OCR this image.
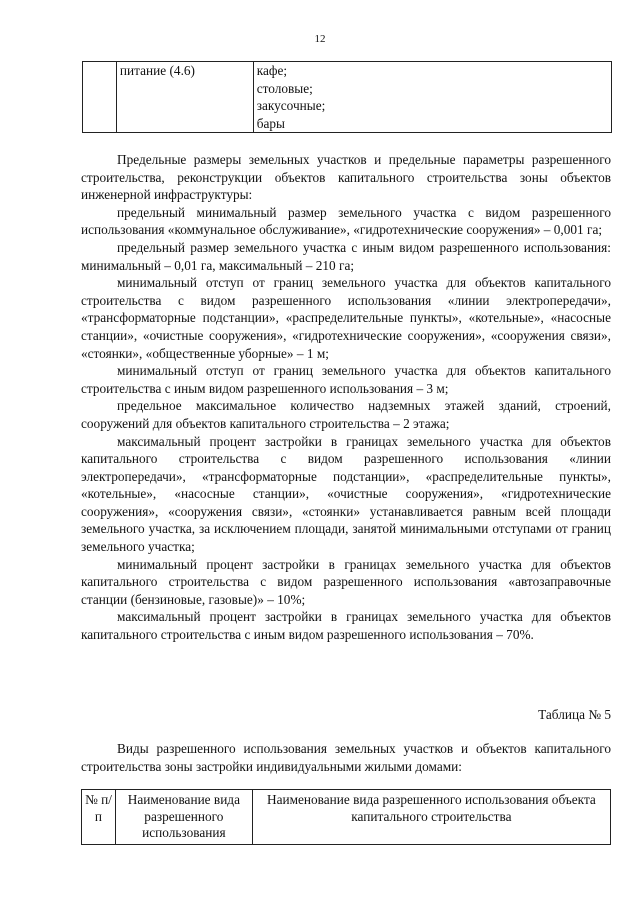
12
	питание (4.6)	кафе;
столовые;
закусочные;
бары

Предельные размеры земельных участков и предельные параметры разрешенного строительства, реконструкции объектов капитального строительства зоны объектов инженерной инфраструктуры:

предельный минимальный размер земельного участка с видом разрешенного использования «коммунальное обслуживание», «гидротехнические сооружения» – 0,001 га;

предельный размер земельного участка с иным видом разрешенного использования: минимальный – 0,01 га, максимальный – 210 га;

минимальный отступ от границ земельного участка для объектов капитального строительства с видом разрешенного использования «линии электропередачи», «трансформаторные подстанции», «распределительные пункты», «котельные», «насосные станции», «очистные сооружения», «гидротехнические сооружения», «сооружения связи», «стоянки», «общественные уборные» – 1 м;

минимальный отступ от границ земельного участка для объектов капитального строительства с иным видом разрешенного использования – 3 м;

предельное максимальное количество надземных этажей зданий, строений, сооружений для объектов капитального строительства – 2 этажа;

максимальный процент застройки в границах земельного участка для объектов капитального строительства с видом разрешенного использования «линии электропередачи», «трансформаторные подстанции», «распределительные пункты», «котельные», «насосные станции», «очистные сооружения», «гидротехнические сооружения», «сооружения связи», «стоянки» устанавливается равным всей площади земельного участка, за исключением площади, занятой минимальными отступами от границ земельного участка;

минимальный процент застройки в границах земельного участка для объектов капитального строительства с видом разрешенного использования «автозаправочные станции (бензиновые, газовые)» – 10%;

максимальный процент застройки в границах земельного участка для объектов капитального строительства с иным видом разрешенного использования – 70%.

Таблица № 5

Виды разрешенного использования земельных участков и объектов капитального строительства зоны застройки индивидуальными жилыми домами:

№ п/п	Наименование вида разрешенного использования	Наименование вида разрешенного использования объекта капитального строительства
